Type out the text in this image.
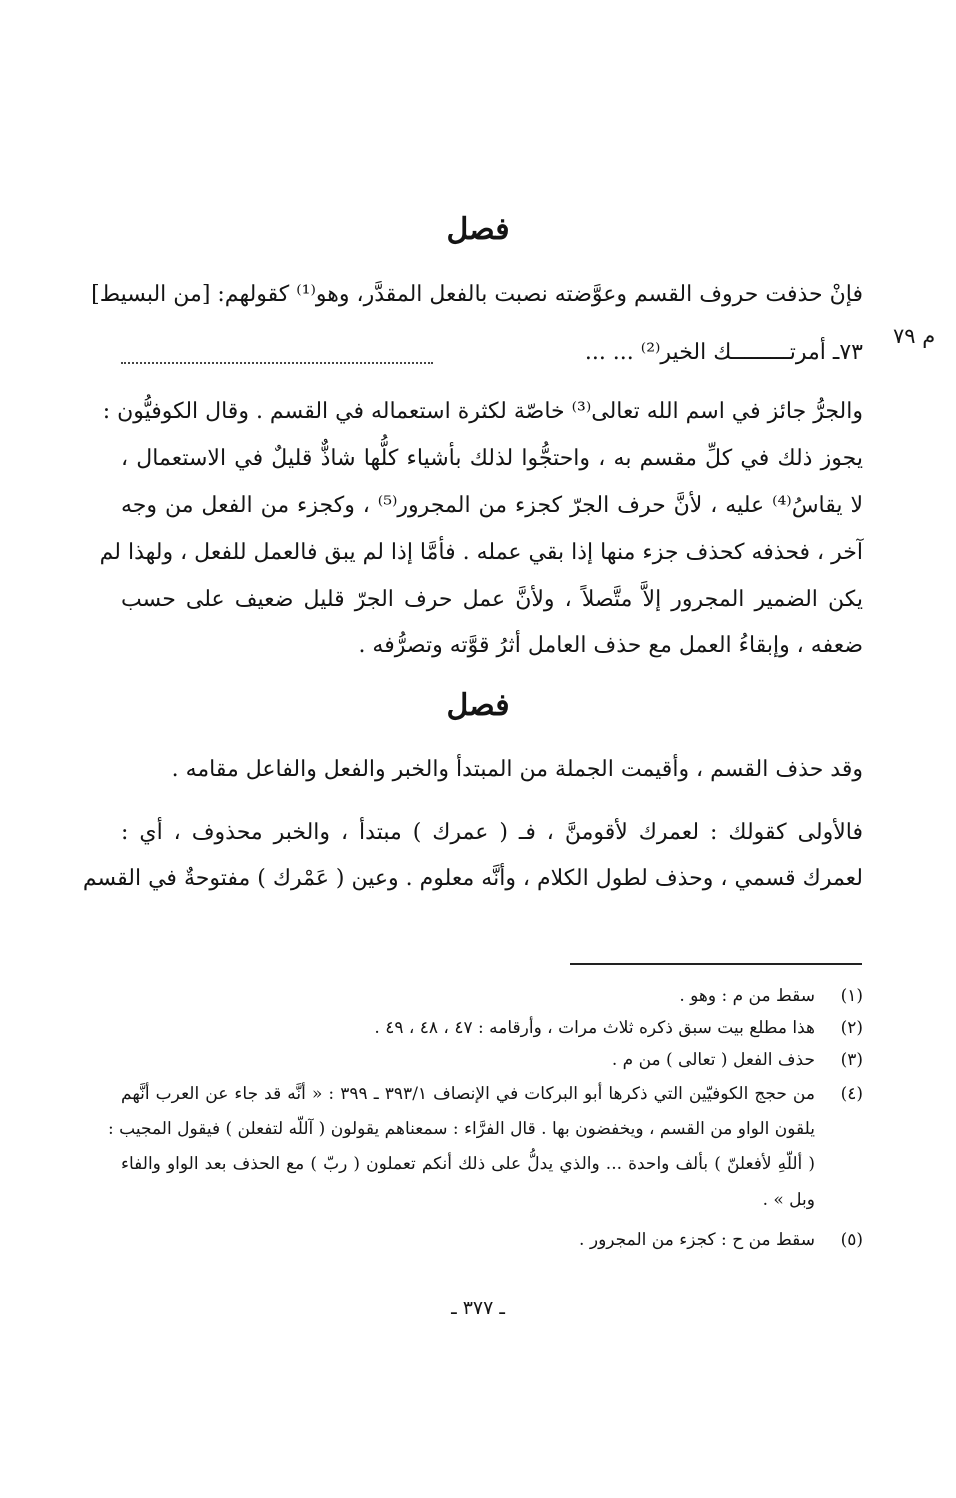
فصل
م ٧٩
فإنْ حذفت حروف القسم وعوَّضته نصبت بالفعل المقدَّر، وهو⁽¹⁾ كقولهم: [من البسيط]
٧٣ـ أمرتـــــــــك الخير⁽²⁾ ... ...
والجرُّ جائز في اسم الله تعالى⁽³⁾ خاصّة لكثرة استعماله في القسم . وقال الكوفيُّون :
يجوز ذلك في كلِّ مقسم به ، واحتجُّوا لذلك بأشياء كلُّها شاذٌّ قليلٌ في الاستعمال ،
لا يقاسُ⁽⁴⁾ عليه ، لأنَّ حرف الجرّ كجزء من المجرور⁽⁵⁾ ، وكجزء من الفعل من وجه
آخر ، فحذفه كحذف جزء منها إذا بقي عمله . فأمَّا إذا لم يبق فالعمل للفعل ، ولهذا لم
يكن الضمير المجرور إلاَّ متَّصلاً ، ولأنَّ عمل حرف الجرّ قليل ضعيف على حسب
ضعفه ، وإبقاءُ العمل مع حذف العامل أثرُ قوَّته وتصرُّفه .
فصل
وقد حذف القسم ، وأقيمت الجملة من المبتدأ والخبر والفعل والفاعل مقامه .
فالأولى كقولك : لعمرك لأقومنَّ ، فـ ( عمرك ) مبتدأ ، والخبر محذوف ، أي :
لعمرك قسمي ، وحذف لطول الكلام ، وأنَّه معلوم . وعين ( عَمْرك ) مفتوحةٌ في القسم
(١)
سقط من م : وهو .
(٢)
هذا مطلع بيت سبق ذكره ثلاث مرات ، وأرقامه : ٤٧ ، ٤٨ ، ٤٩ .
(٣)
حذف الفعل ( تعالى ) من م .
(٤)
من حجج الكوفيّين التي ذكرها أبو البركات في الإنصاف ٣٩٣/١ ـ ٣٩٩ : « أنَّه قد جاء عن العرب أنَّهم
يلقون الواو من القسم ، ويخفضون بها . قال الفرَّاء : سمعناهم يقولون ( آللّه لتفعلن ) فيقول المجيب :
( أللّهِ لأفعلنّ ) بألف واحدة ... والذي يدلُّ على ذلك أنكم تعملون ( ربّ ) مع الحذف بعد الواو والفاء
وبل » .
(٥)
سقط من ح : كجزء من المجرور .
ـ ٣٧٧ ـ
